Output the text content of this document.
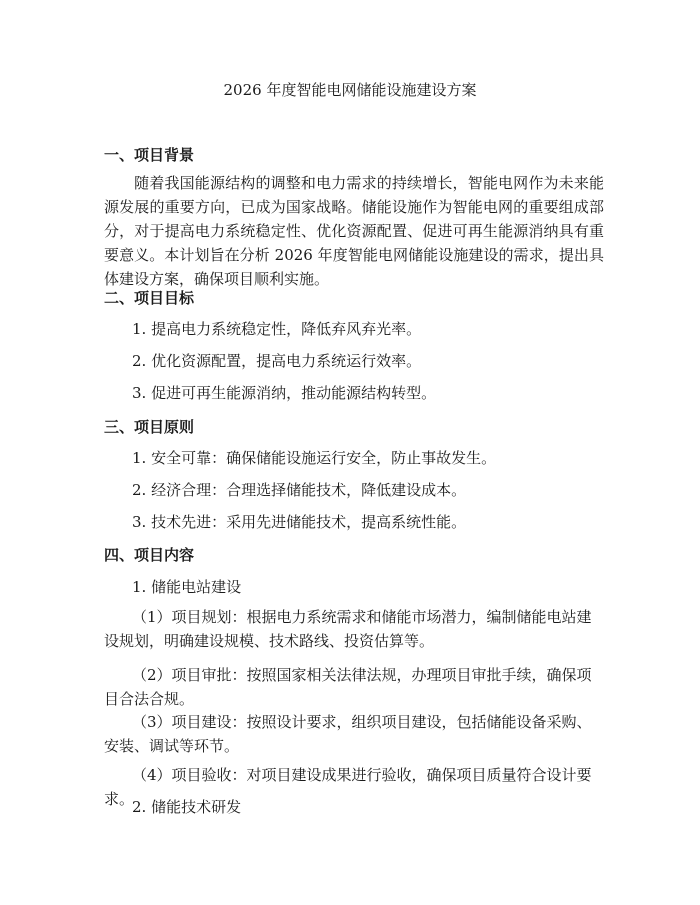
2026 年度智能电网储能设施建设方案
一、项目背景
随着我国能源结构的调整和电力需求的持续增长，智能电网作为未来能源发展的重要方向，已成为国家战略。储能设施作为智能电网的重要组成部分，对于提高电力系统稳定性、优化资源配置、促进可再生能源消纳具有重要意义。本计划旨在分析 2026 年度智能电网储能设施建设的需求，提出具体建设方案，确保项目顺利实施。
二、项目目标
1. 提高电力系统稳定性，降低弃风弃光率。
2. 优化资源配置，提高电力系统运行效率。
3. 促进可再生能源消纳，推动能源结构转型。
三、项目原则
1. 安全可靠：确保储能设施运行安全，防止事故发生。
2. 经济合理：合理选择储能技术，降低建设成本。
3. 技术先进：采用先进储能技术，提高系统性能。
四、项目内容
1. 储能电站建设
（1）项目规划：根据电力系统需求和储能市场潜力，编制储能电站建设规划，明确建设规模、技术路线、投资估算等。
（2）项目审批：按照国家相关法律法规，办理项目审批手续，确保项目合法合规。
（3）项目建设：按照设计要求，组织项目建设，包括储能设备采购、安装、调试等环节。
（4）项目验收：对项目建设成果进行验收，确保项目质量符合设计要求。
2. 储能技术研发
